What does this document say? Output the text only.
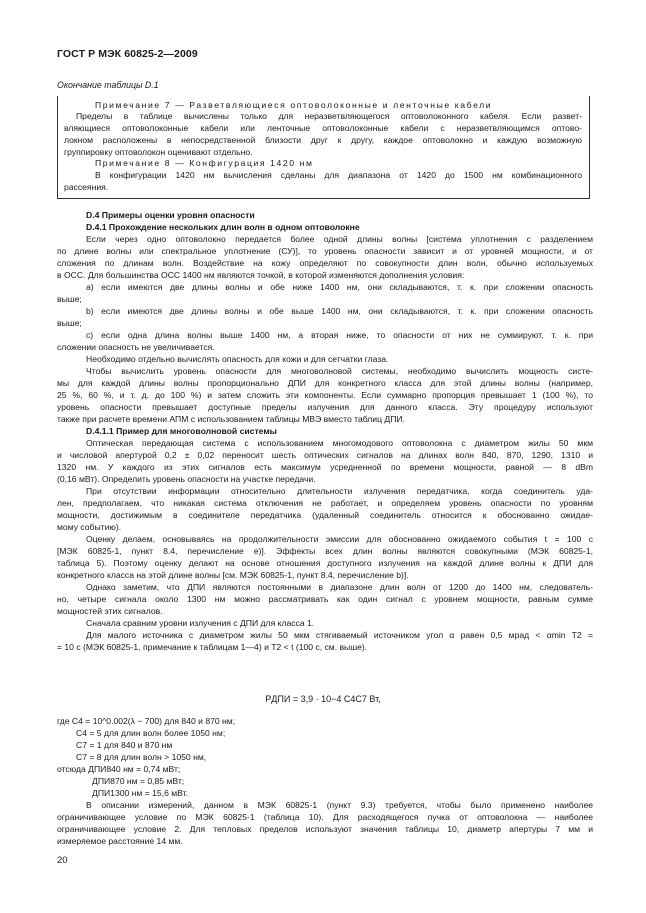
ГОСТ Р МЭК 60825-2—2009
Окончание таблицы D.1
Примечание 7 — Разветвляющиеся оптоволоконные и ленточные кабели
Пределы в таблице вычислены только для неразветвляющегося оптоволоконного кабеля. Если развет-
вляющиеся оптоволоконные кабели или ленточные оптоволоконные кабели с неразветвляющимся оптово-
локном расположены в непосредственной близости друг к другу, каждое оптоволокно и каждую возможную
группировку оптоволокон оценивают отдельно.
Примечание 8 — Конфигурация 1420 нм
В конфигурации 1420 нм вычисления сделаны для диапазона от 1420 до 1500 нм комбинационного
рассеяния.
D.4 Примеры оценки уровня опасности
D.4.1 Прохождение нескольких длин волн в одном оптоволокне
Если через одно оптоволокно передается более одной длины волны [система уплотнения с разделением
по длине волны или спектральное уплотнение (СУ)], то уровень опасности зависит и от уровней мощности, и от
сложения по длинам волн. Воздействие на кожу определяют по совокупности длин волн, обычно используемых
в ОСС. Для большинства ОСС 1400 нм являются точкой, в которой изменяются дополнения условия:
а) если имеются две длины волны и обе ниже 1400 нм, они складываются, т. к. при сложении опасность
выше;
b) если имеются две длины волны и обе выше 1400 нм, они складываются, т. к. при сложении опасность
выше;
c) если одна длина волны выше 1400 нм, а вторая ниже, то опасности от них не суммируют, т. к. при
сложении опасность не увеличивается.
Необходимо отдельно вычислять опасность для кожи и для сетчатки глаза.
Чтобы вычислить уровень опасности для многоволновой системы, необходимо вычислить мощность систе-
мы для каждой длины волны пропорционально ДПИ для конкретного класса для этой длины волны (например,
25 %, 60 %, и т. д. до 100 %) и затем сложить эти компоненты. Если суммарно пропорция превышает 1 (100 %), то
уровень опасности превышает доступные пределы излучения для данного класса. Эту процедуру используют
также при расчете времени АПМ с использованием таблицы МВЭ вместо таблиц ДПИ.
D.4.1.1 Пример для многоволновой системы
Оптическая передающая система с использованием многомодового оптоволокна с диаметром жилы 50 мкм
и числовой апертурой 0,2 ± 0,02 переносит шесть оптических сигналов на длинах волн 840, 870, 1290, 1310 и
1320 нм. У каждого из этих сигналов есть максимум усредненной по времени мощности, равной — 8 dBm
(0,16 мВт). Определить уровень опасности на участке передачи.
При отсутствии информации относительно длительности излучения передатчика, когда соединитель уда-
лен, предполагаем, что никакая система отключения не работает, и определяем уровень опасности по уровням
мощности, достижимым в соединителе передатчика (удаленный соединитель относится к обоснованно ожидае-
мому событию).
Оценку делаем, основываясь на продолжительности эмиссии для обоснованно ожидаемого события t = 100 с
[МЭК 60825-1, пункт 8.4, перечисление е)]. Эффекты всех длин волны являются совокупными (МЭК 60825-1,
таблица 5). Поэтому оценку делают на основе отношения доступного излучения на каждой длине волны к ДПИ для
конкретного класса на этой длине волны [см. МЭК 60825-1, пункт 8.4, перечисление b)].
Однако заметим, что ДПИ являются постоянными в диапазоне длин волн от 1200 до 1400 нм, следователь-
но, четыре сигнала около 1300 нм можно рассматривать как один сигнал с уровнем мощности, равным сумме
мощностей этих сигналов.
Сначала сравним уровни излучения с ДПИ для класса 1.
Для малого источника с диаметром жилы 50 мкм стягиваемый источником угол α равен 0,5 мрад < αmin T2 =
= 10 с (МЭК 60825-1, примечание к таблицам 1—4) и T2 < t (100 с, см. выше).
PДПИ = 3,9 · 10−4 C4C7 Вт,
где C4 = 10^0.002(λ − 700) для 840 и 870 нм;
C4 = 5 для длин волн более 1050 нм;
C7 = 1 для 840 и 870 нм
C7 = 8 для длин волн > 1050 нм,
отсюда ДПИ840 нм = 0,74 мВт;
ДПИ870 нм = 0,85 мВт;
ДПИ1300 нм = 15,6 мВт.
В описании измерений, данном в МЭК 60825-1 (пункт 9.3) требуется, чтобы было применено наиболее
ограничивающее условие по МЭК 60825-1 (таблица 10). Для расходящегося пучка от оптоволокна — наиболее
ограничивающее условие 2. Для тепловых пределов используют значения таблицы 10, диаметр апертуры 7 мм и
измеряемое расстояние 14 мм.
20
